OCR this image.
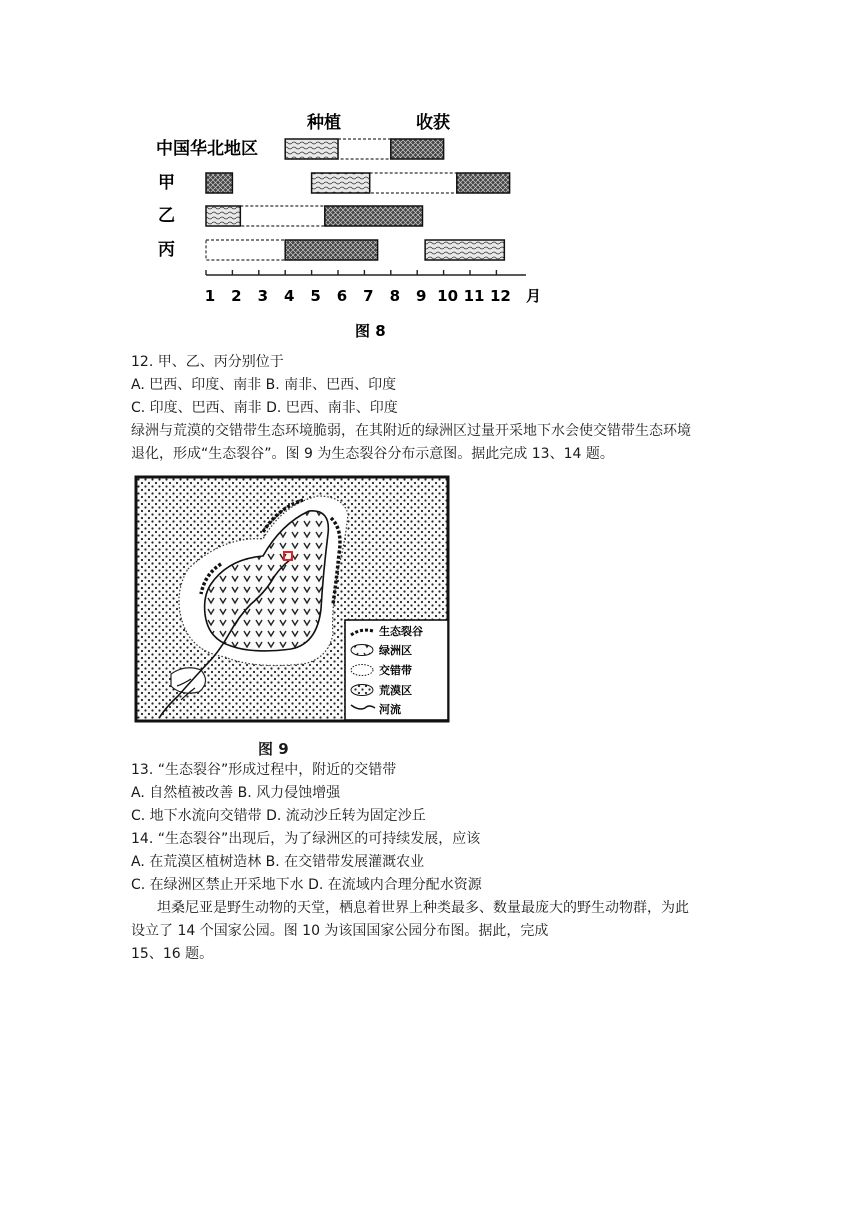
种植	收获
中国华北地区
甲
乙
丙
1 2 3 4 5 6 7 8 9 10 11 12 月
图 8
12. 甲、乙、丙分别位于
A. 巴西、印度、南非 B. 南非、巴西、印度
C. 印度、巴西、南非 D. 巴西、南非、印度
绿洲与荒漠的交错带生态环境脆弱，在其附近的绿洲区过量开采地下水会使交错带生态环境
退化，形成“生态裂谷”。图 9 为生态裂谷分布示意图。据此完成 13、14 题。
生态裂谷
绿洲区
交错带
荒漠区
河流
图 9
13. “生态裂谷”形成过程中，附近的交错带
A. 自然植被改善 B. 风力侵蚀增强
C. 地下水流向交错带 D. 流动沙丘转为固定沙丘
14. “生态裂谷”出现后，为了绿洲区的可持续发展，应该
A. 在荒漠区植树造林 B. 在交错带发展灌溉农业
C. 在绿洲区禁止开采地下水 D. 在流域内合理分配水资源
坦桑尼亚是野生动物的天堂，栖息着世界上种类最多、数量最庞大的野生动物群，为此
设立了 14 个国家公园。图 10 为该国国家公园分布图。据此，完成
15、16 题。
